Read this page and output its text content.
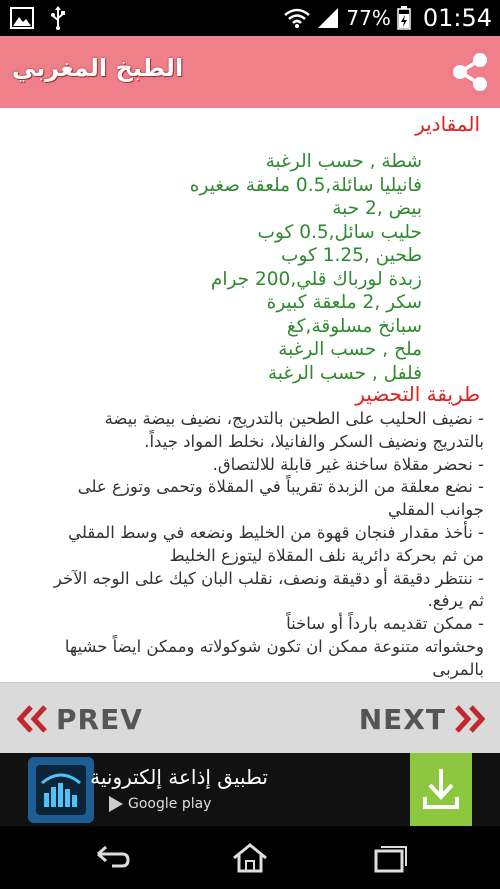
77% 01:54
الطبخ المغربي
المقادير
شطة , حسب الرغبة
فانيليا سائلة,0.5 ملعقة صغيره
بيض ,2 حبة
حليب سائل,0.5 كوب
طحين ,1.25 كوب
زبدة لورباك قلي,200 جرام
سكر ,2 ملعقة كبيرة
سبانخ مسلوقة,كغ
ملح , حسب الرغبة
فلفل , حسب الرغبة
طريقة التحضير
- نضيف الحليب على الطحين بالتدريج، نضيف بيضة بيضة
بالتدريج ونضيف السكر والفانيلا، نخلط المواد جيداً.
- نحضر مقلاة ساخنة غير قابلة للالتصاق.
- نضع معلقة من الزبدة تقريباً في المقلاة وتحمى وتوزع على
جوانب المقلي
- نأخذ مقدار فنجان قهوة من الخليط ونضعه في وسط المقلي
من ثم بحركة دائرية نلف المقلاة ليتوزع الخليط
- ننتظر دقيقة أو دقيقة ونصف، نقلب البان كيك على الوجه الآخر
ثم يرفع.
- ممكن تقديمه بارداً أو ساخناً
وحشواته متنوعة ممكن ان تكون شوكولاته وممكن ايضاً حشيها
بالمربى
PREV	NEXT
تطبيق إذاعة إلكترونية
Google play
